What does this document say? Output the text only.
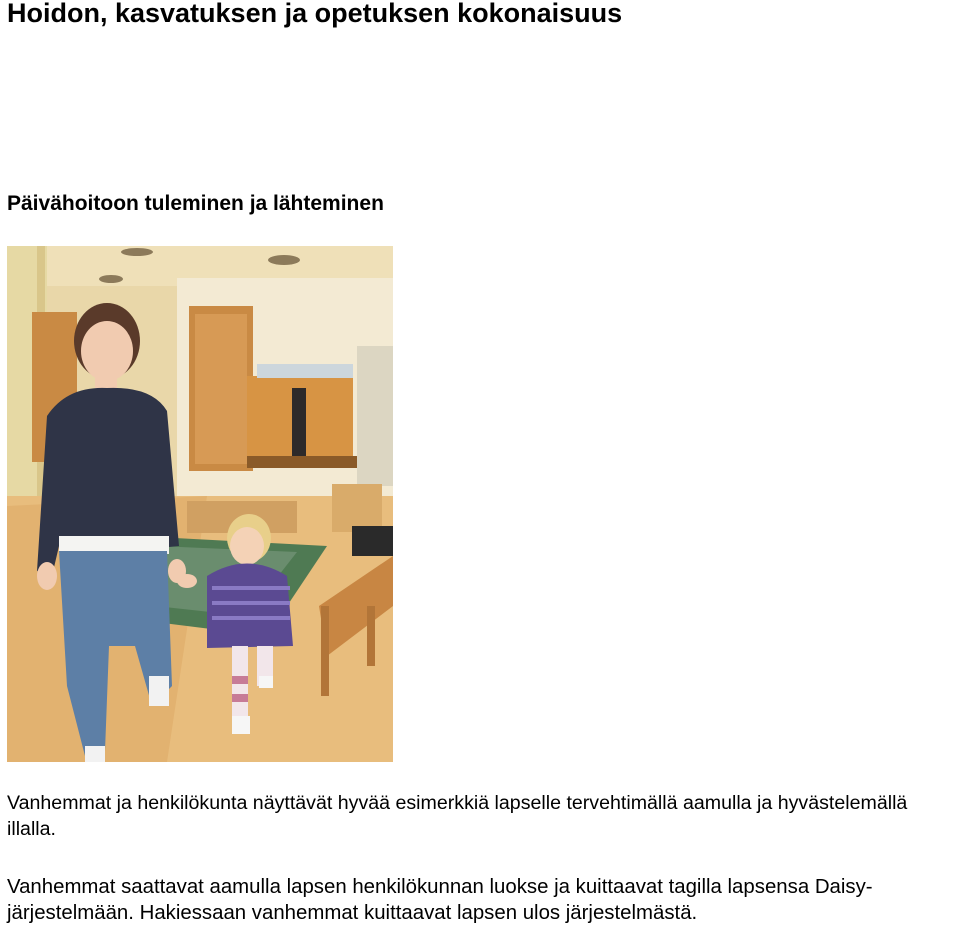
Hoidon, kasvatuksen ja opetuksen kokonaisuus
Päivähoitoon tuleminen ja lähteminen

Vanhemmat ja henkilökunta näyttävät hyvää esimerkkiä lapselle tervehtimällä aamulla ja hyvästelemällä illalla.

Vanhemmat saattavat aamulla lapsen henkilökunnan luokse ja kuittaavat tagilla lapsensa Daisy-järjestelmään. Hakiessaan vanhemmat kuittaavat lapsen ulos järjestelmästä.
